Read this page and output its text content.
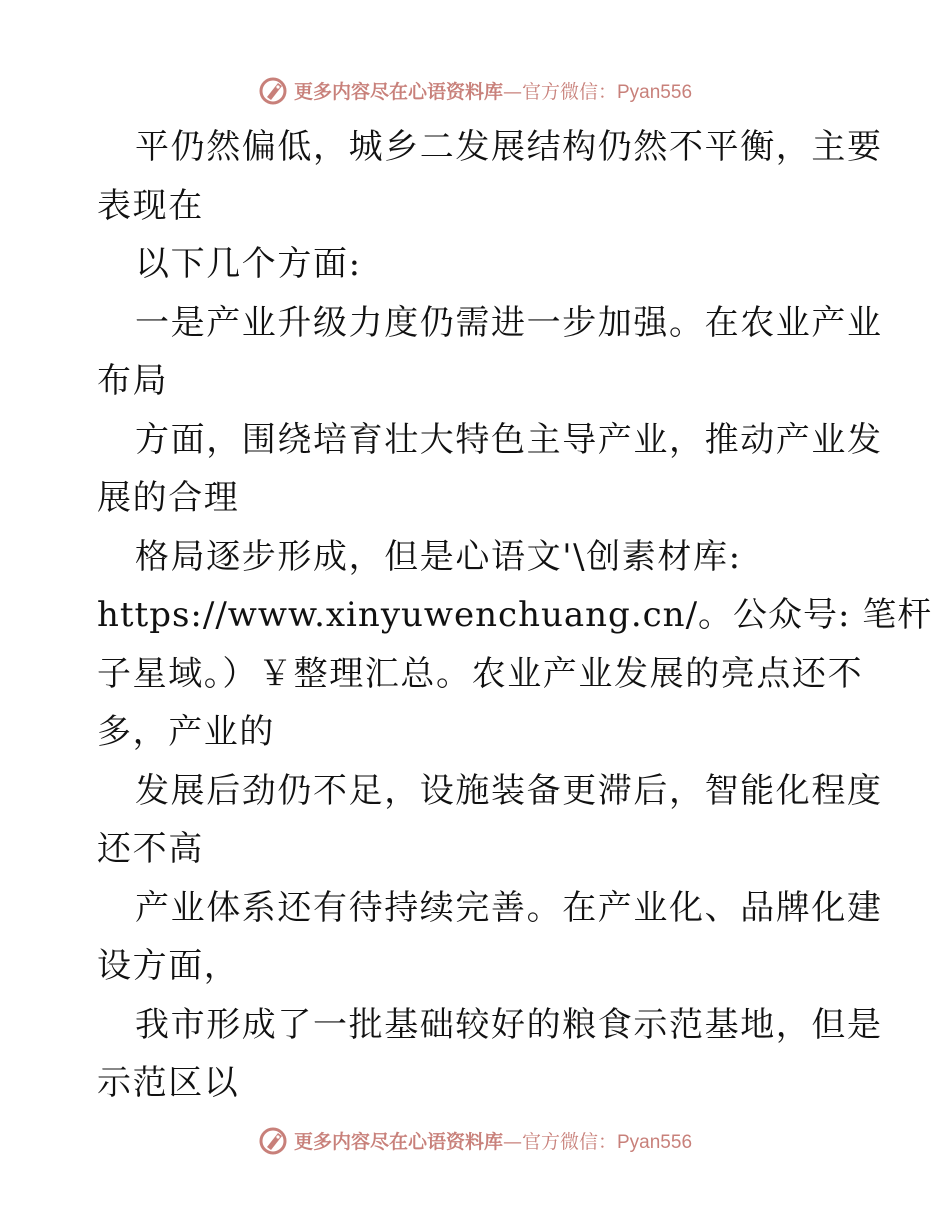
更多内容尽在心语资料库—官方微信：Pyan556
平仍然偏低，城乡二发展结构仍然不平衡，主要
表现在
以下几个方面:
一是产业升级力度仍需进一步加强。在农业产业
布局
方面，围绕培育壮大特色主导产业，推动产业发
展的合理
格局逐步形成，但是心语文'\创素材库:
https://www.xinyuwenchuang.cn/。公众号: 笔杆
子星域。）￥整理汇总。农业产业发展的亮点还不
多，产业的
发展后劲仍不足，设施装备更滞后，智能化程度
还不高
产业体系还有待持续完善。在产业化、品牌化建
设方面，
我市形成了一批基础较好的粮食示范基地，但是
示范区以
更多内容尽在心语资料库—官方微信：Pyan556
